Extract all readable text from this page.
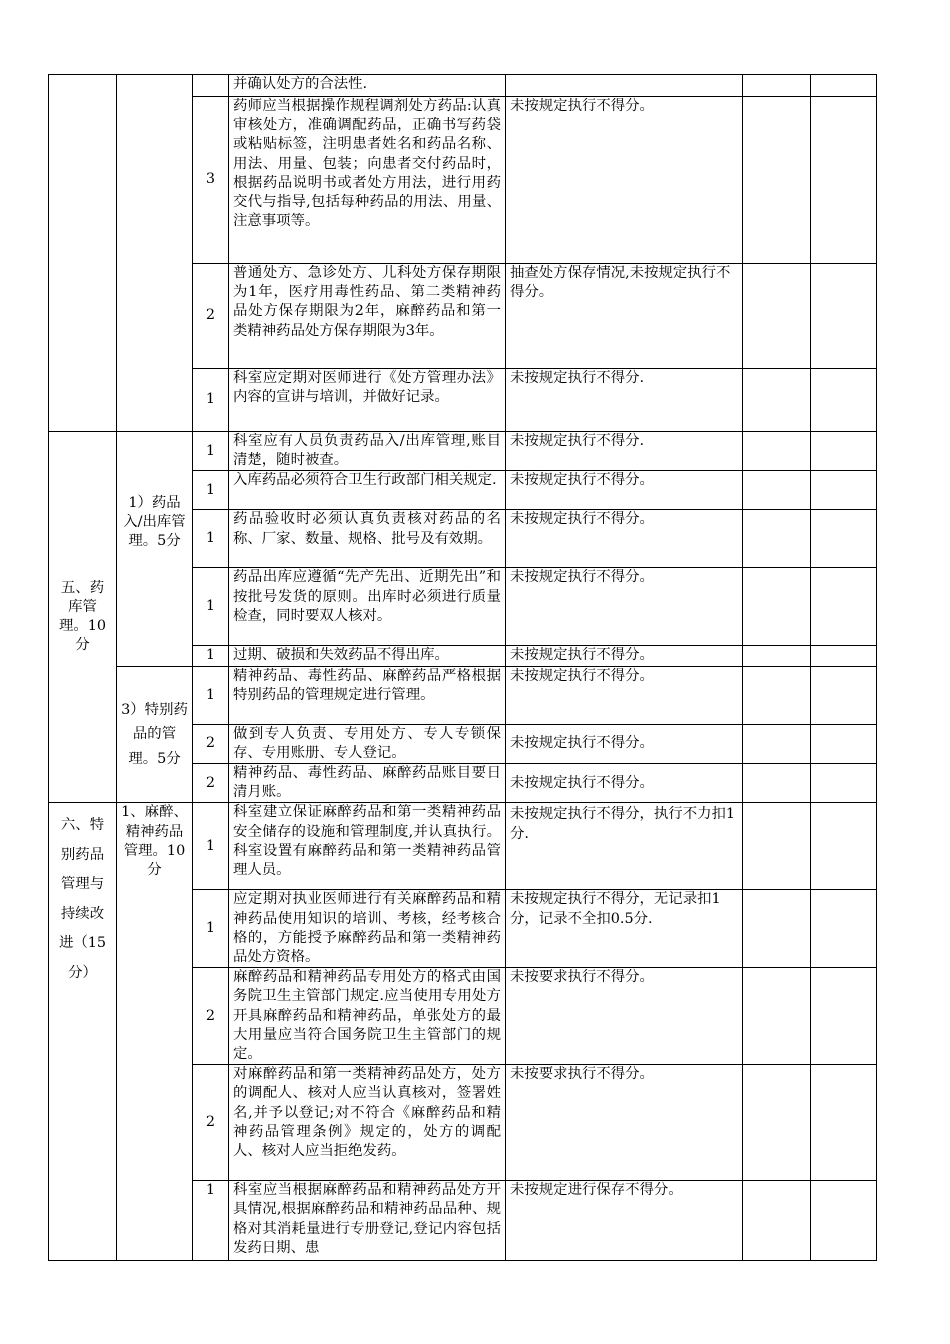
			并确认处方的合法性.			
		3	药师应当根据操作规程调剂处方药品:认真审核处方，准确调配药品，正确书写药袋或粘贴标签，注明患者姓名和药品名称、用法、用量、包装；向患者交付药品时，根据药品说明书或者处方用法，进行用药交代与指导,包括每种药品的用法、用量、注意事项等。	未按规定执行不得分。		
		2	普通处方、急诊处方、儿科处方保存期限为1年，医疗用毒性药品、第二类精神药品处方保存期限为2年，麻醉药品和第一类精神药品处方保存期限为3年。	抽查处方保存情况,未按规定执行不得分。		
		1	科室应定期对医师进行《处方管理办法》内容的宣讲与培训，并做好记录。	未按规定执行不得分.		
五、药库管理。10分	1）药品入/出库管理。5分	1	科室应有人员负责药品入/出库管理,账目清楚，随时被查。	未按规定执行不得分.		
		1	入库药品必须符合卫生行政部门相关规定.	未按规定执行不得分。		
		1	药品验收时必须认真负责核对药品的名称、厂家、数量、规格、批号及有效期。	未按规定执行不得分。		
		1	药品出库应遵循“先产先出、近期先出”和按批号发货的原则。出库时必须进行质量检查，同时要双人核对。	未按规定执行不得分。		
		1	过期、破损和失效药品不得出库。	未按规定执行不得分。		
	3）特别药品的管理。5分	1	精神药品、毒性药品、麻醉药品严格根据特别药品的管理规定进行管理。	未按规定执行不得分。		
		2	做到专人负责、专用处方、专人专锁保存、专用账册、专人登记。	未按规定执行不得分。		
		2	精神药品、毒性药品、麻醉药品账目要日清月账。	未按规定执行不得分。		
六、特别药品管理与持续改进（15分）	1、麻醉、精神药品管理。10分	1	科室建立保证麻醉药品和第一类精神药品安全储存的设施和管理制度,并认真执行。科室设置有麻醉药品和第一类精神药品管理人员。	未按规定执行不得分，执行不力扣1分.		
		1	应定期对执业医师进行有关麻醉药品和精神药品使用知识的培训、考核，经考核合格的，方能授予麻醉药品和第一类精神药品处方资格。	未按规定执行不得分，无记录扣1分，记录不全扣0.5分.		
		2	麻醉药品和精神药品专用处方的格式由国务院卫生主管部门规定.应当使用专用处方开具麻醉药品和精神药品，单张处方的最大用量应当符合国务院卫生主管部门的规定。	未按要求执行不得分。		
		2	对麻醉药品和第一类精神药品处方，处方的调配人、核对人应当认真核对，签署姓名,并予以登记;对不符合《麻醉药品和精神药品管理条例》规定的，处方的调配人、核对人应当拒绝发药。	未按要求执行不得分。		
		1	科室应当根据麻醉药品和精神药品处方开具情况,根据麻醉药品和精神药品品种、规格对其消耗量进行专册登记,登记内容包括发药日期、患	未按规定进行保存不得分。		
